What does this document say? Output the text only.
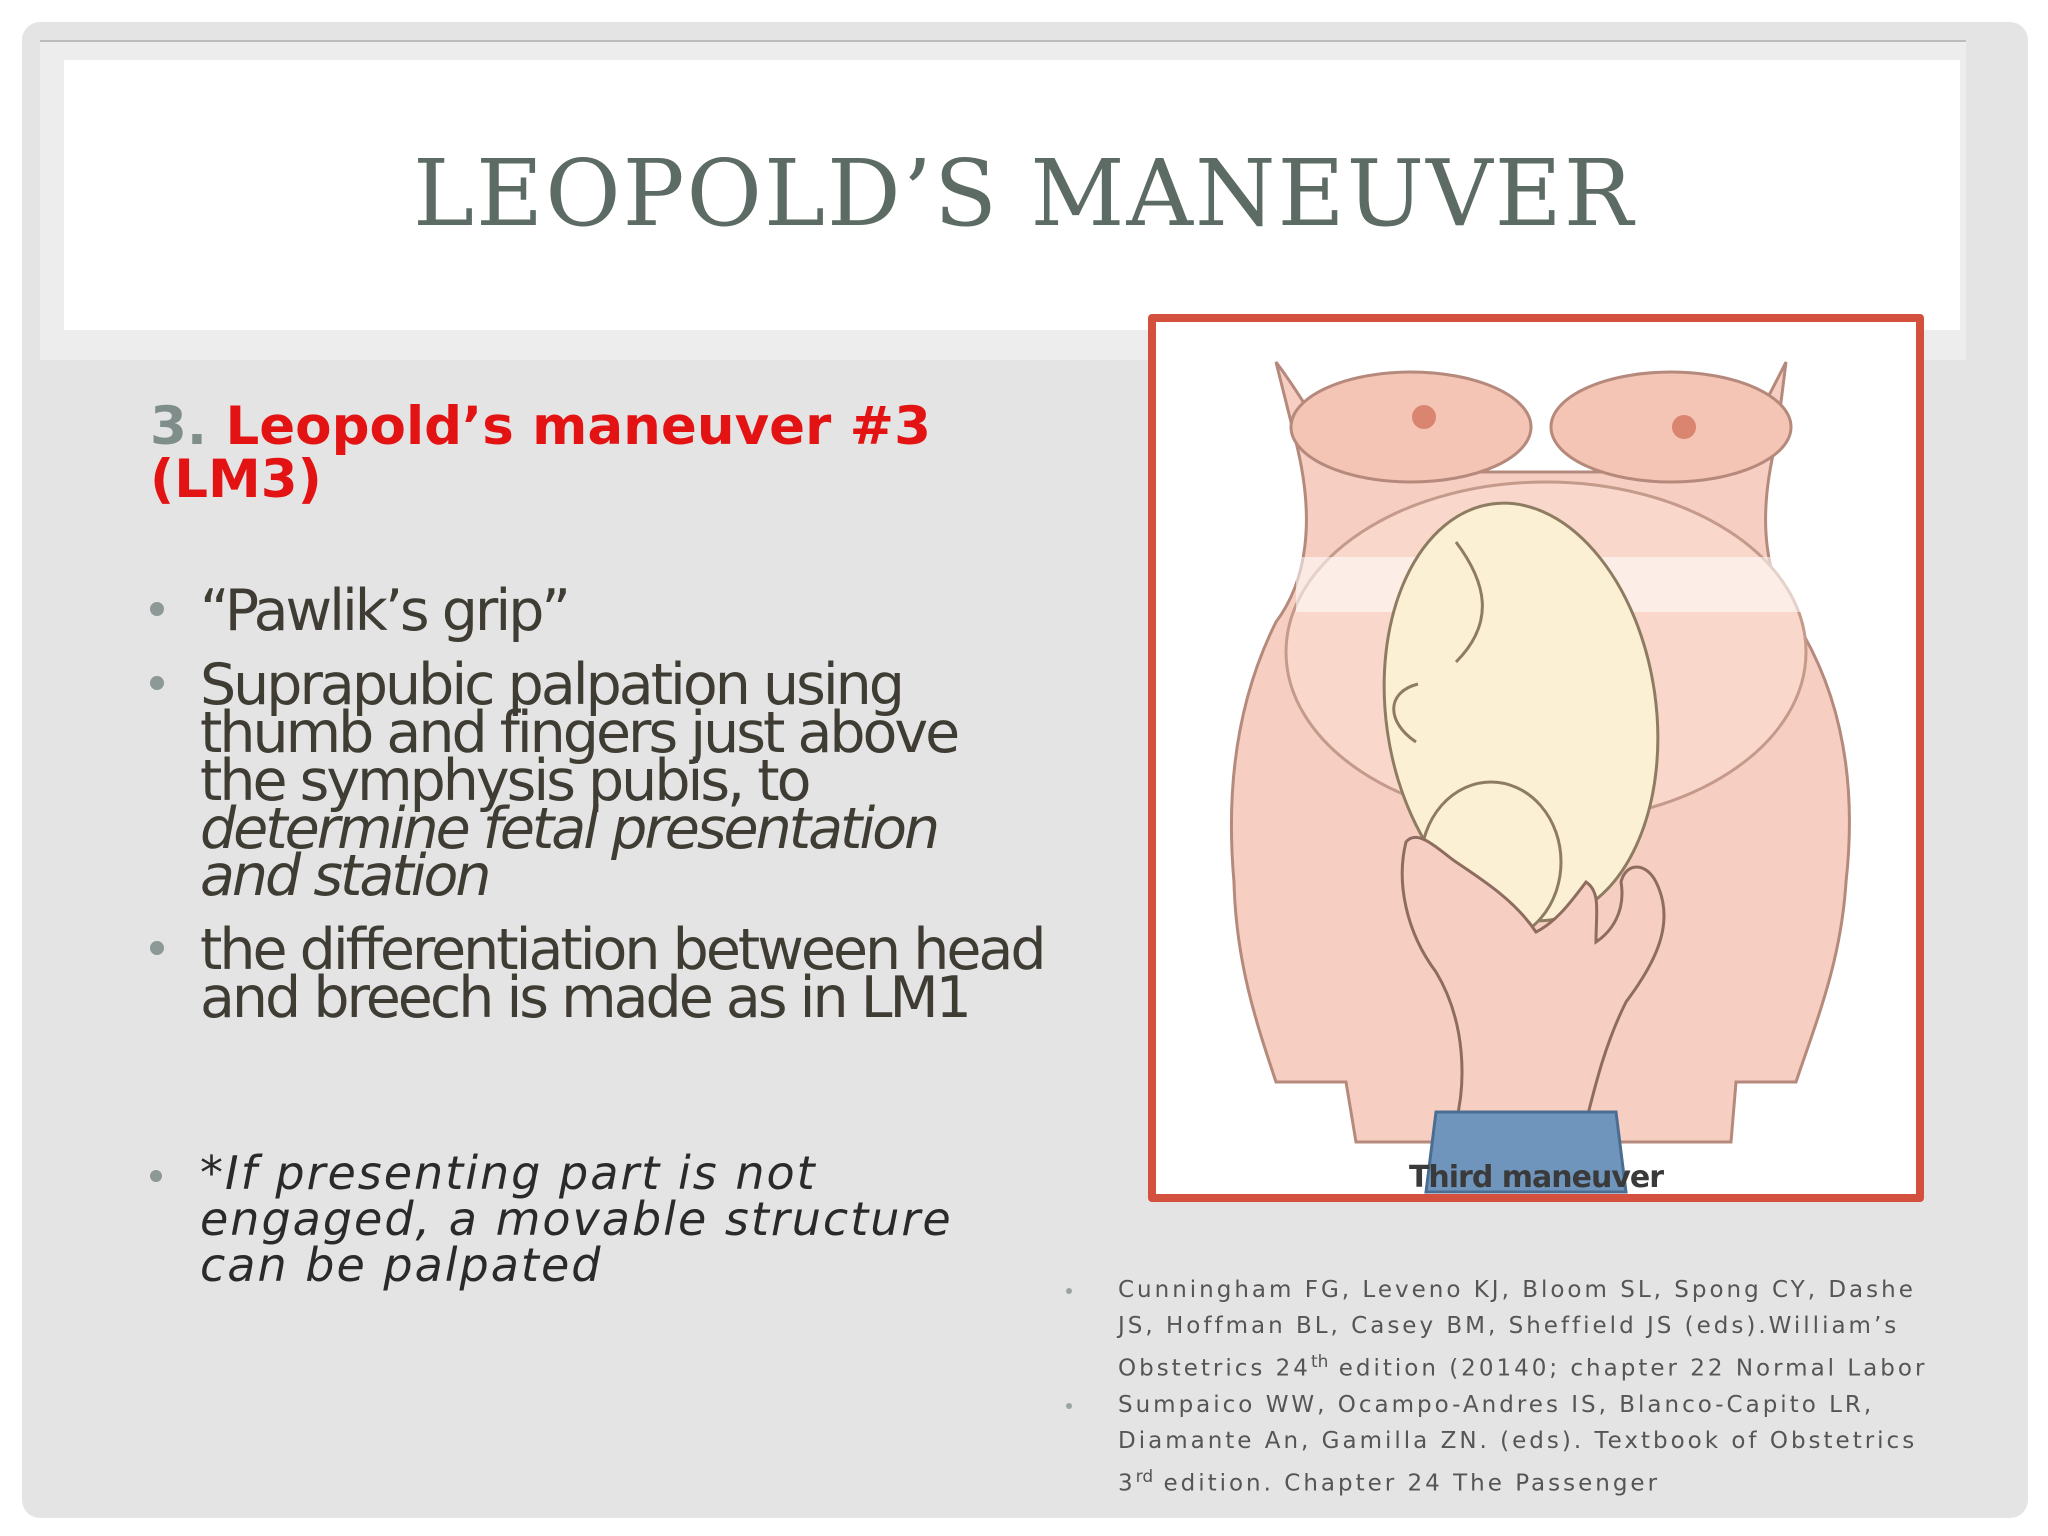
LEOPOLD’S MANEUVER
3. Leopold’s maneuver #3 (LM3)
“Pawlik’s grip”
Suprapubic palpation using thumb and fingers just above the symphysis pubis, to determine fetal presentation and station
the differentiation between head and breech is made as in LM1
*If presenting part is not engaged, a movable structure can be palpated
Third maneuver
Cunningham FG, Leveno KJ, Bloom SL, Spong CY, Dashe JS, Hoffman BL, Casey BM, Sheffield JS (eds).William’s Obstetrics 24th edition (20140; chapter 22 Normal Labor
Sumpaico WW, Ocampo-Andres IS, Blanco-Capito LR, Diamante An, Gamilla ZN. (eds). Textbook of Obstetrics 3rd edition. Chapter 24 The Passenger
